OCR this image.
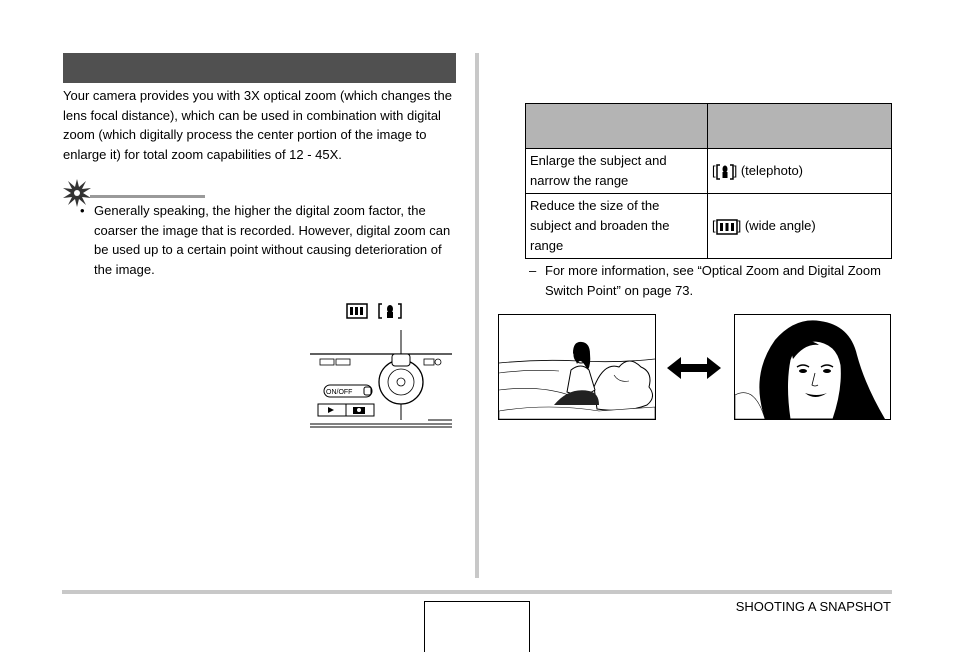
Your camera provides you with 3X optical zoom (which changes the lens focal distance), which can be used in combination with digital zoom (which digitally process the center portion of the image to enlarge it) for total zoom capabilities of 12 - 45X.
• Generally speaking, the higher the digital zoom factor, the coarser the image that is recorded. However, digital zoom can be used up to a certain point without causing deterioration of the image.
ON/OFF

Enlarge the subject and narrow the range	[ ] (telephoto)
Reduce the size of the subject and broaden the range	[ ] (wide angle)
– For more information, see “Optical Zoom and Digital Zoom Switch Point” on page 73.
SHOOTING A SNAPSHOT
